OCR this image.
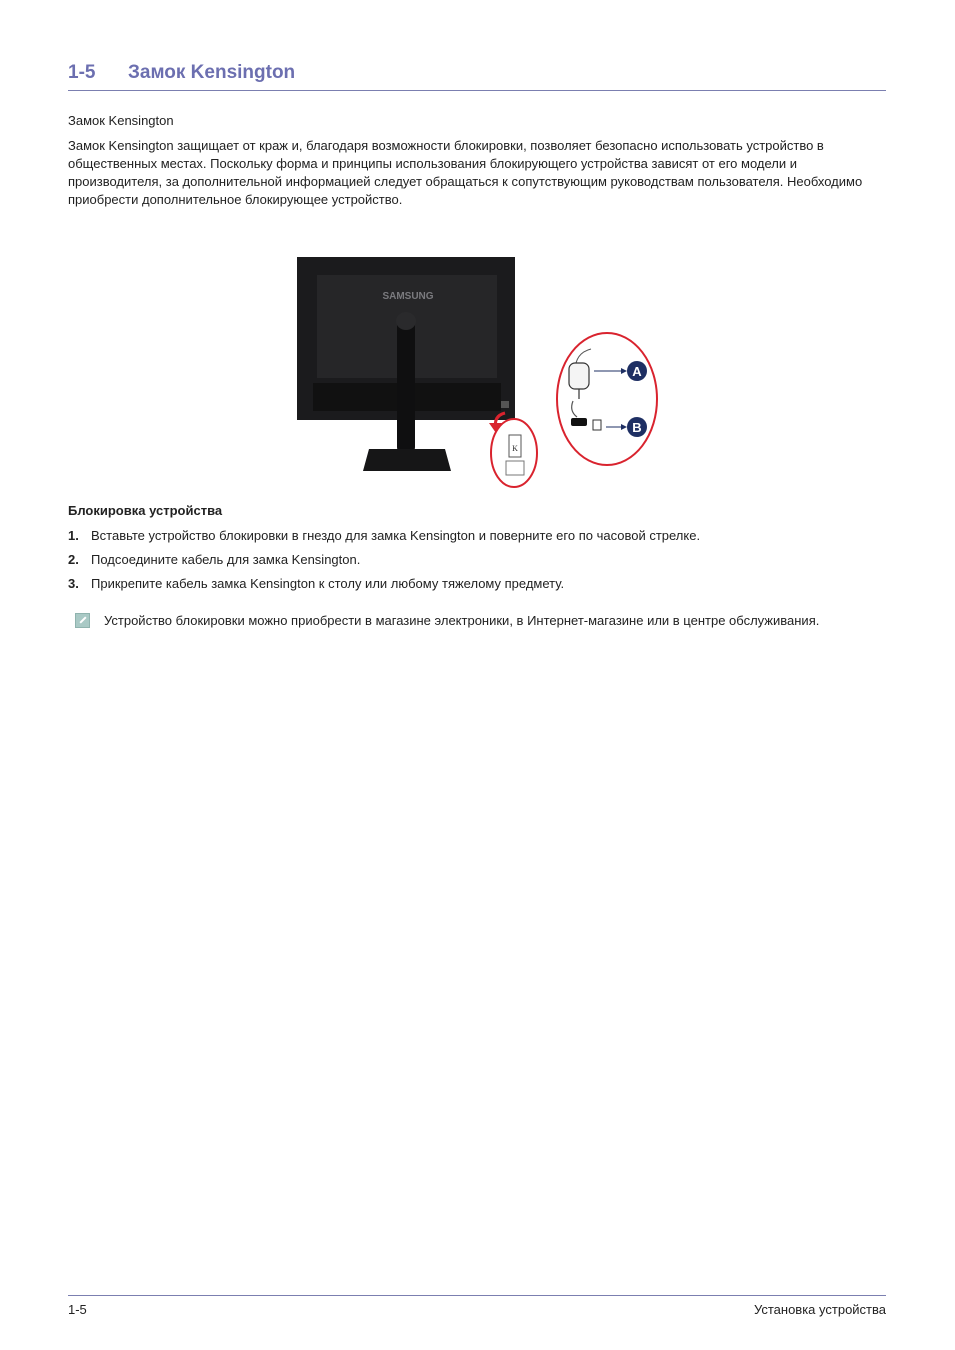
1-5 Замок Kensington

Замок Kensington

Замок Kensington защищает от краж и, благодаря возможности блокировки, позволяет безопасно использовать устройство в общественных местах. Поскольку форма и принципы использования блокирующего устройства зависят от его модели и производителя, за дополнительной информацией следует обращаться к сопутствующим руководствам пользователя. Необходимо приобрести дополнительное блокирующее устройство.

SAMSUNG
K
A
B
Блокировка устройства
1. Вставьте устройство блокировки в гнездо для замка Kensington и поверните его по часовой стрелке.
2. Подсоедините кабель для замка Kensington.
3. Прикрепите кабель замка Kensington к столу или любому тяжелому предмету.
Устройство блокировки можно приобрести в магазине электроники, в Интернет-магазине или в центре обслуживания.
1-5	Установка устройства
